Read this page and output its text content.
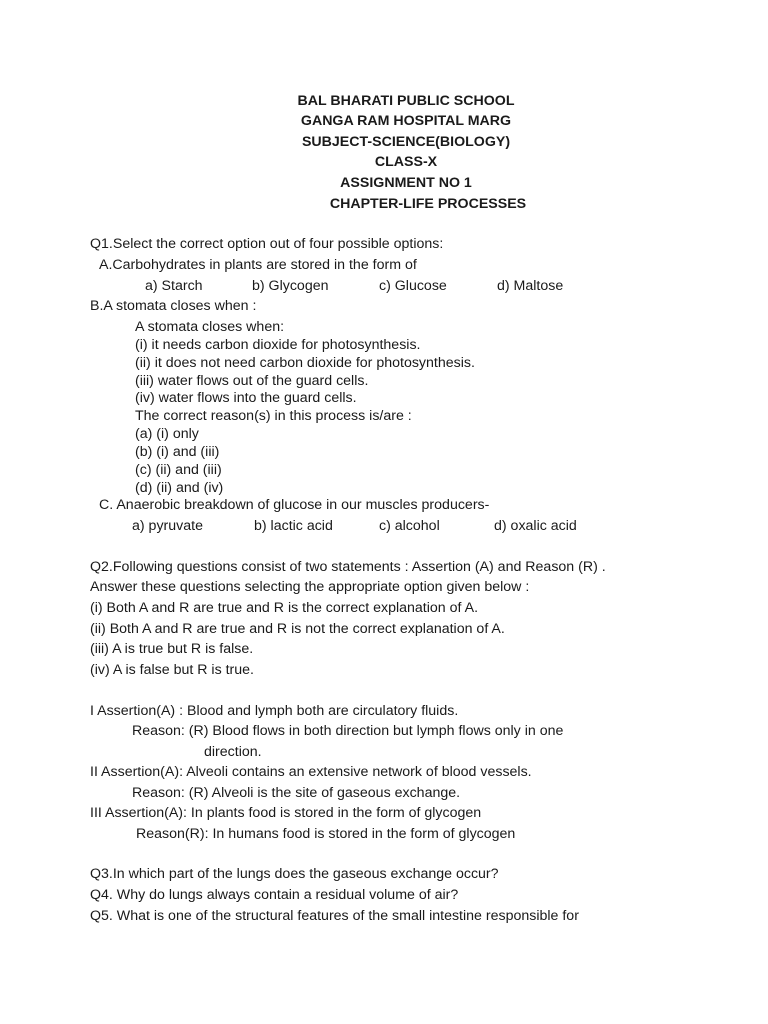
BAL BHARATI PUBLIC SCHOOL

GANGA RAM HOSPITAL MARG

SUBJECT-SCIENCE(BIOLOGY)

CLASS-X

ASSIGNMENT NO 1

CHAPTER-LIFE PROCESSES

Q1.Select the correct option out of four possible options:

A.Carbohydrates in plants are stored in the form of

a) Starch	b) Glycogen	c) Glucose	d) Maltose

B.A stomata closes when :

A stomata closes when:

(i) it needs carbon dioxide for photosynthesis.

(ii) it does not need carbon dioxide for photosynthesis.

(iii) water flows out of the guard cells.

(iv) water flows into the guard cells.

The correct reason(s) in this process is/are :

(a) (i) only

(b) (i) and (iii)

(c) (ii) and (iii)

(d) (ii) and (iv)

C. Anaerobic breakdown of glucose in our muscles producers-

a) pyruvate	b) lactic acid	c) alcohol	d) oxalic acid

Q2.Following questions consist of two statements : Assertion (A) and Reason (R) .

Answer these questions selecting the appropriate option given below :

(i) Both A and R are true and R is the correct explanation of A.

(ii) Both A and R are true and R is not the correct explanation of A.

(iii) A is true but R is false.

(iv) A is false but R is true.

I Assertion(A) : Blood and lymph both are circulatory fluids.

Reason: (R) Blood flows in both direction but lymph flows only in one

direction.

II Assertion(A): Alveoli contains an extensive network of blood vessels.

Reason: (R) Alveoli is the site of gaseous exchange.

III Assertion(A): In plants food is stored in the form of glycogen

Reason(R): In humans food is stored in the form of glycogen

Q3.In which part of the lungs does the gaseous exchange occur?

Q4. Why do lungs always contain a residual volume of air?

Q5. What is one of the structural features of the small intestine responsible for
